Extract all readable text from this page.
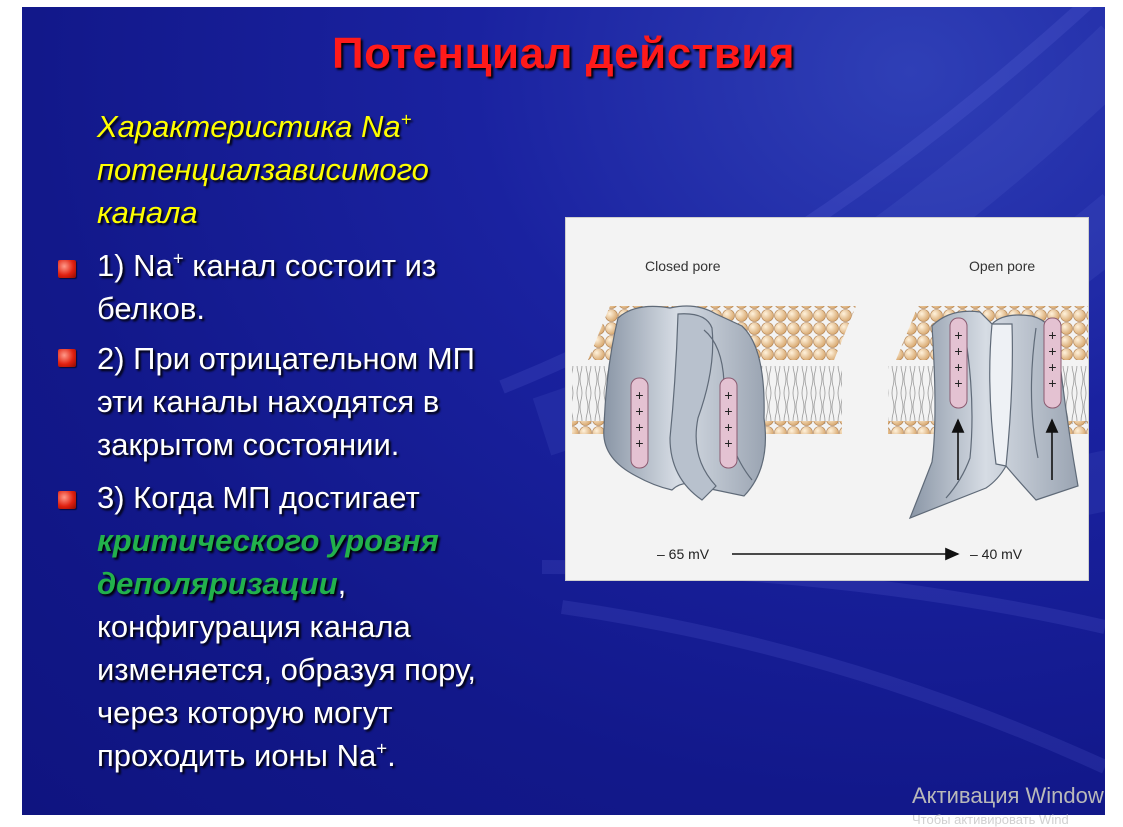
Потенциал действия
Характеристика Na+
потенциалзависимого
канала
1) Na+ канал состоит из
белков.
2) При отрицательном МП
эти каналы находятся в
закрытом состоянии.
3) Когда МП достигает
критического уровня
деполяризации,
конфигурация канала
изменяется, образуя пору,
через которую могут
проходить ионы Na+.
Closed pore	Open pore
+
+
+
+
+
+
+
+
+
+
+
+
+
+
+
+
– 65 mV	– 40 mV
Активация Window
Чтобы активировать Wind
